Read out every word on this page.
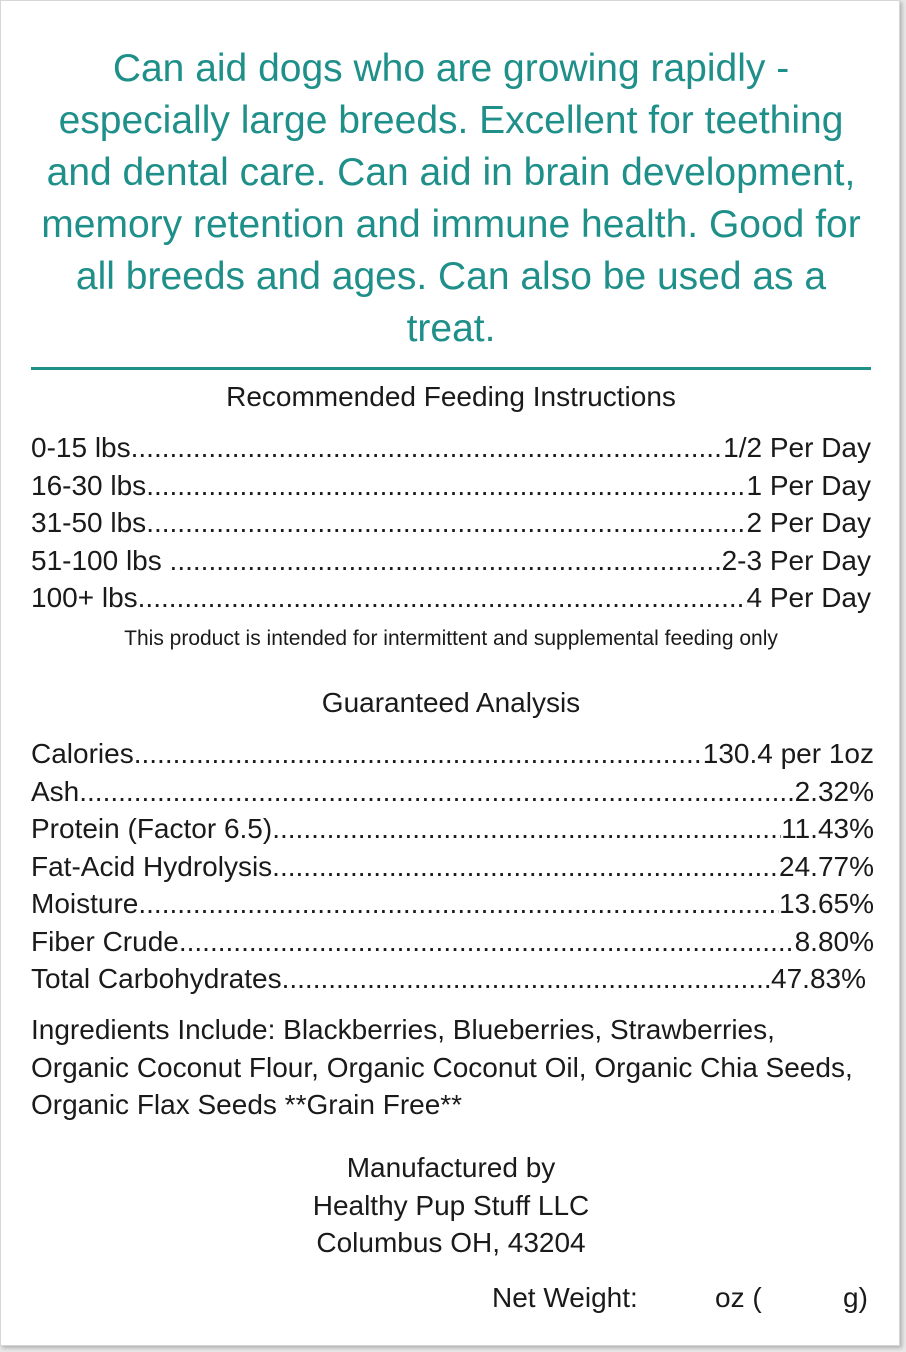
Can aid dogs who are growing rapidly - especially large breeds. Excellent for teething and dental care. Can aid in brain development, memory retention and immune health. Good for all breeds and ages. Can also be used as a treat.

Recommended Feeding Instructions
0-15 lbs .....	1/2 Per Day
16-30 lbs .....	1 Per Day
31-50 lbs .....	2 Per Day
51-100 lbs .....	2-3 Per Day
100+ lbs .....	4 Per Day

This product is intended for intermittent and supplemental feeding only

Guaranteed Analysis
Calories .....	130.4 per 1oz
Ash .....	2.32%
Protein (Factor 6.5) .....	11.43%
Fat-Acid Hydrolysis .....	24.77%
Moisture .....	13.65%
Fiber Crude .....	8.80%
Total Carbohydrates .....	47.83%

Ingredients Include: Blackberries, Blueberries, Strawberries, Organic Coconut Flour, Organic Coconut Oil, Organic Chia Seeds, Organic Flax Seeds **Grain Free**

Manufactured by
Healthy Pup Stuff LLC
Columbus OH, 43204
Net Weight:	oz (	g)
